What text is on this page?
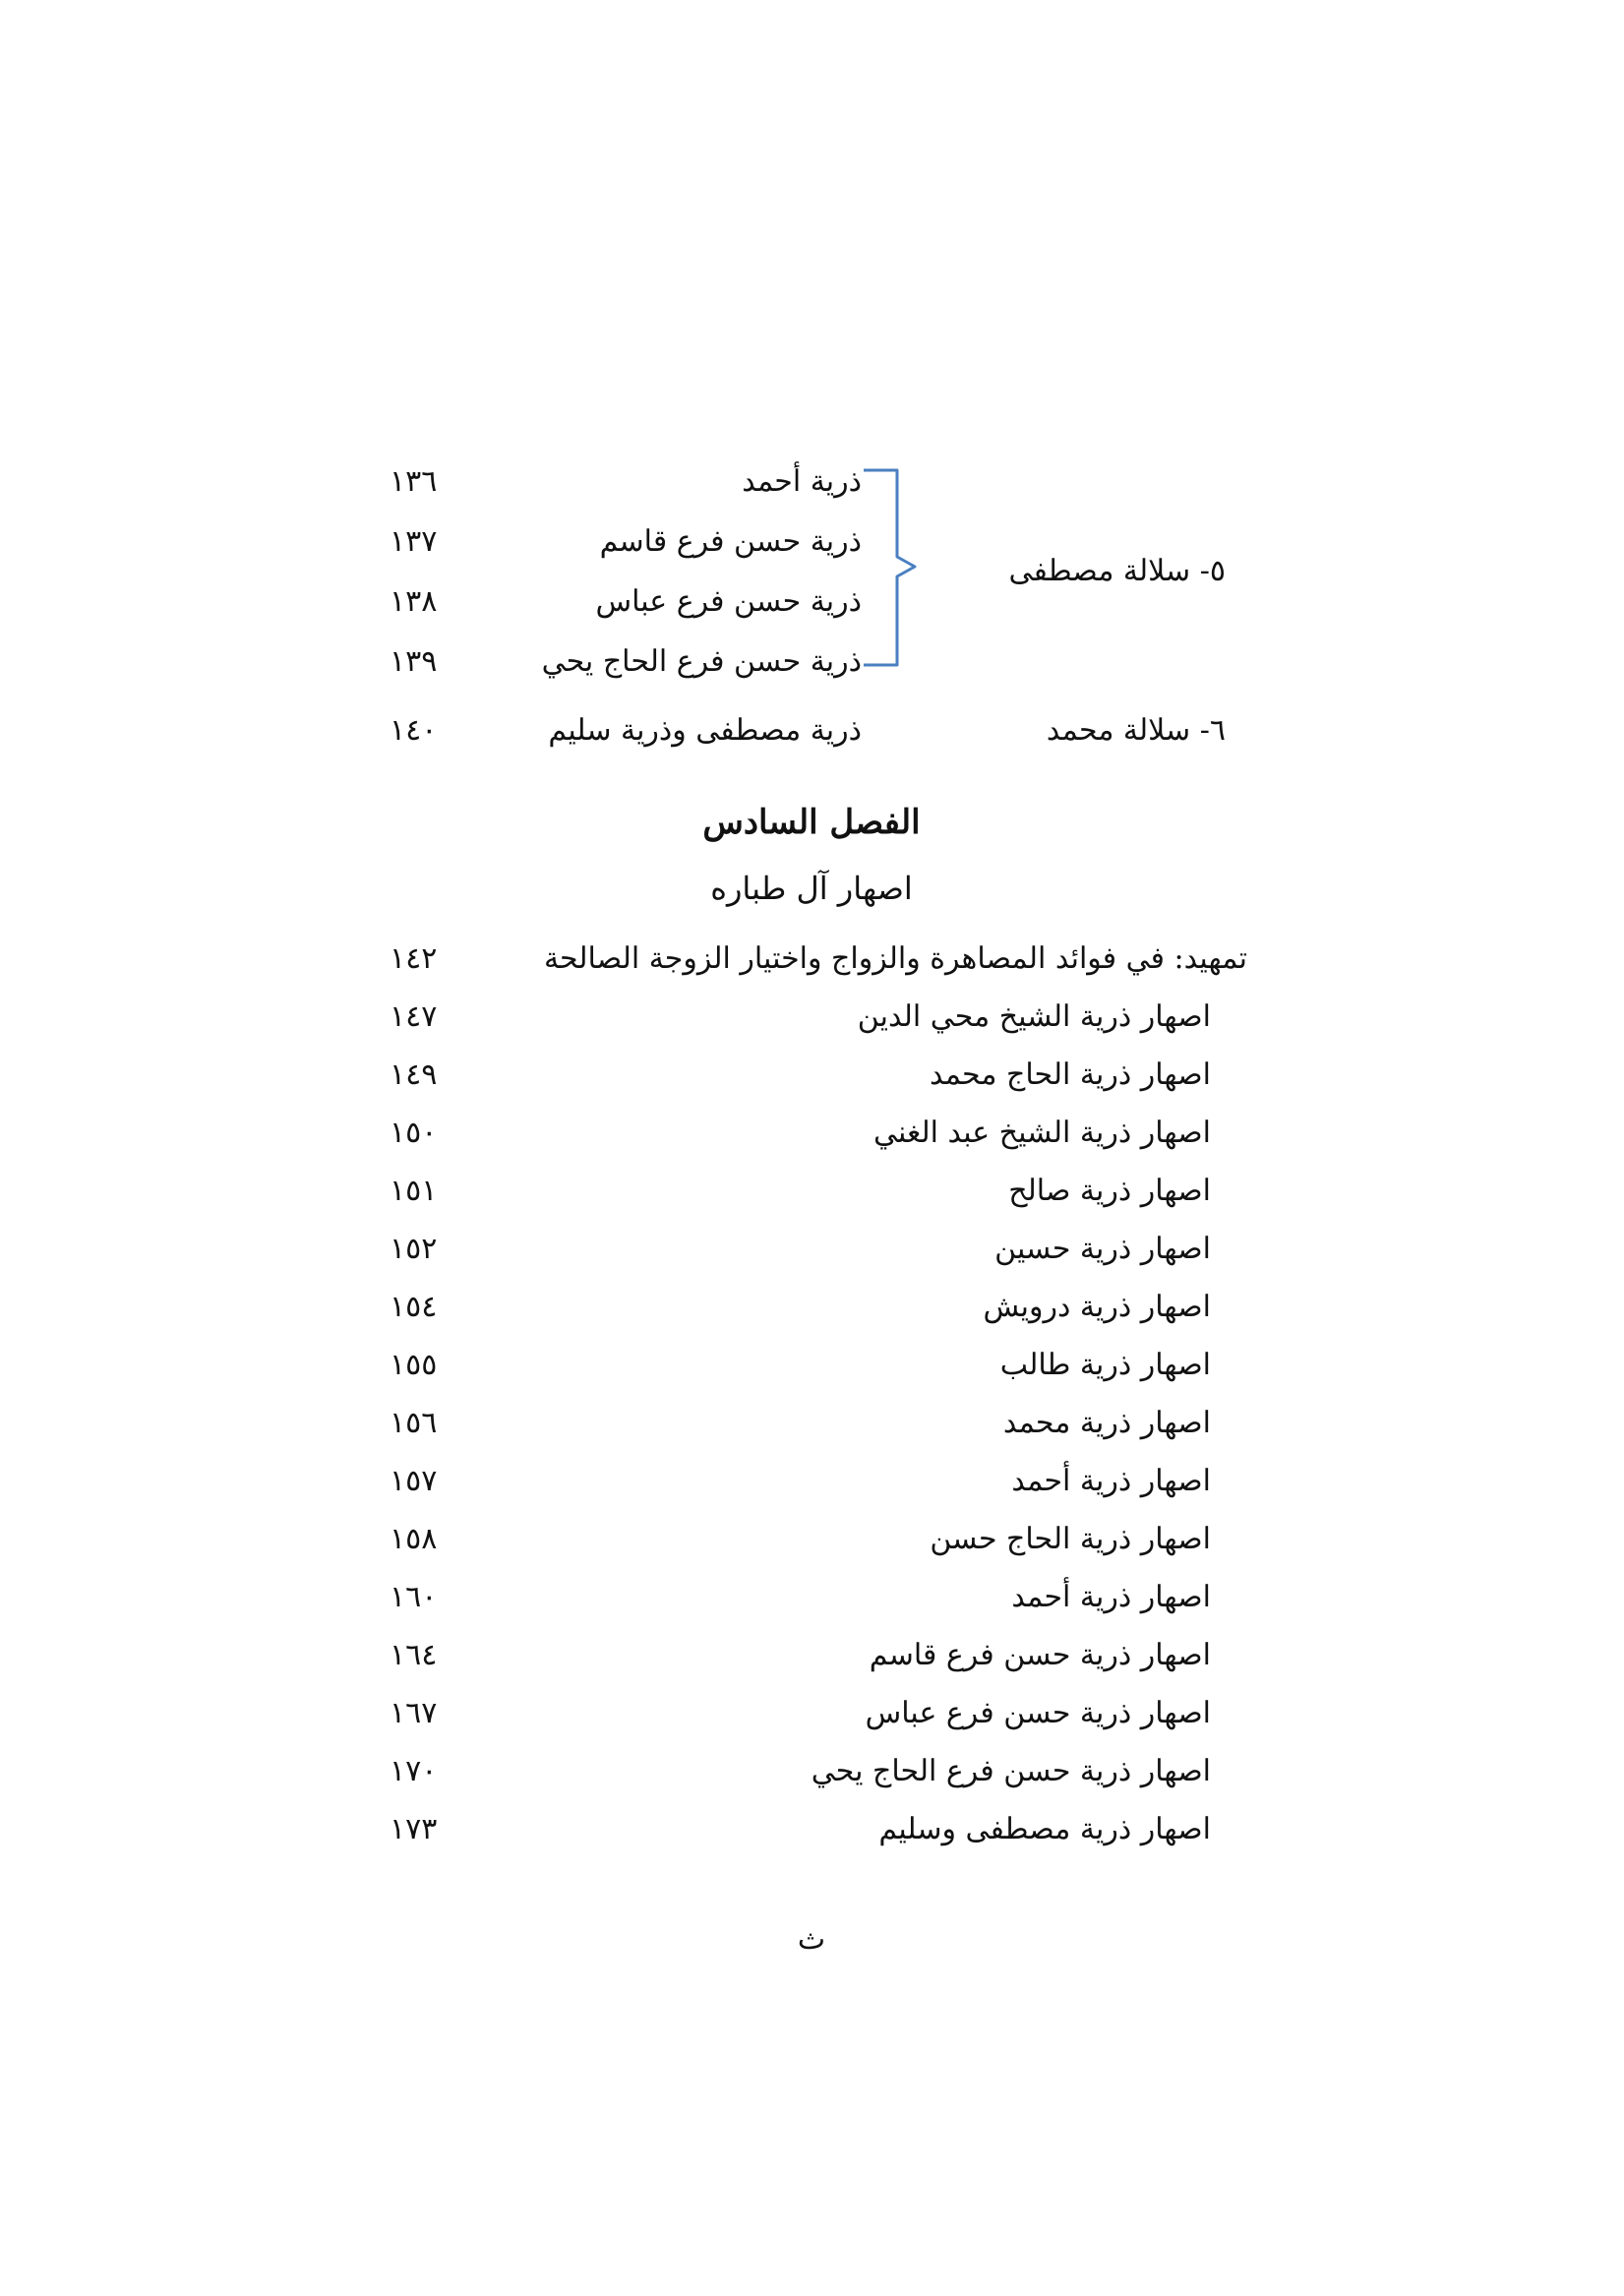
ذرية أحمد
١٣٦
ذرية حسن فرع قاسم
١٣٧
ذرية حسن فرع عباس
١٣٨
ذرية حسن فرع الحاج يحي
١٣٩
٥- سلالة مصطفى
٦- سلالة محمد
ذرية مصطفى وذرية سليم
١٤٠
الفصل السادس
اصهار آل طباره
تمهيد: في فوائد المصاهرة والزواج واختيار الزوجة الصالحة
١٤٢
اصهار ذرية الشيخ محي الدين
١٤٧
اصهار ذرية الحاج محمد
١٤٩
اصهار ذرية الشيخ عبد الغني
١٥٠
اصهار ذرية صالح
١٥١
اصهار ذرية حسين
١٥٢
اصهار ذرية درويش
١٥٤
اصهار ذرية طالب
١٥٥
اصهار ذرية محمد
١٥٦
اصهار ذرية أحمد
١٥٧
اصهار ذرية الحاج حسن
١٥٨
اصهار ذرية أحمد
١٦٠
اصهار ذرية حسن فرع قاسم
١٦٤
اصهار ذرية حسن فرع عباس
١٦٧
اصهار ذرية حسن فرع الحاج يحي
١٧٠
اصهار ذرية مصطفى وسليم
١٧٣
ث
